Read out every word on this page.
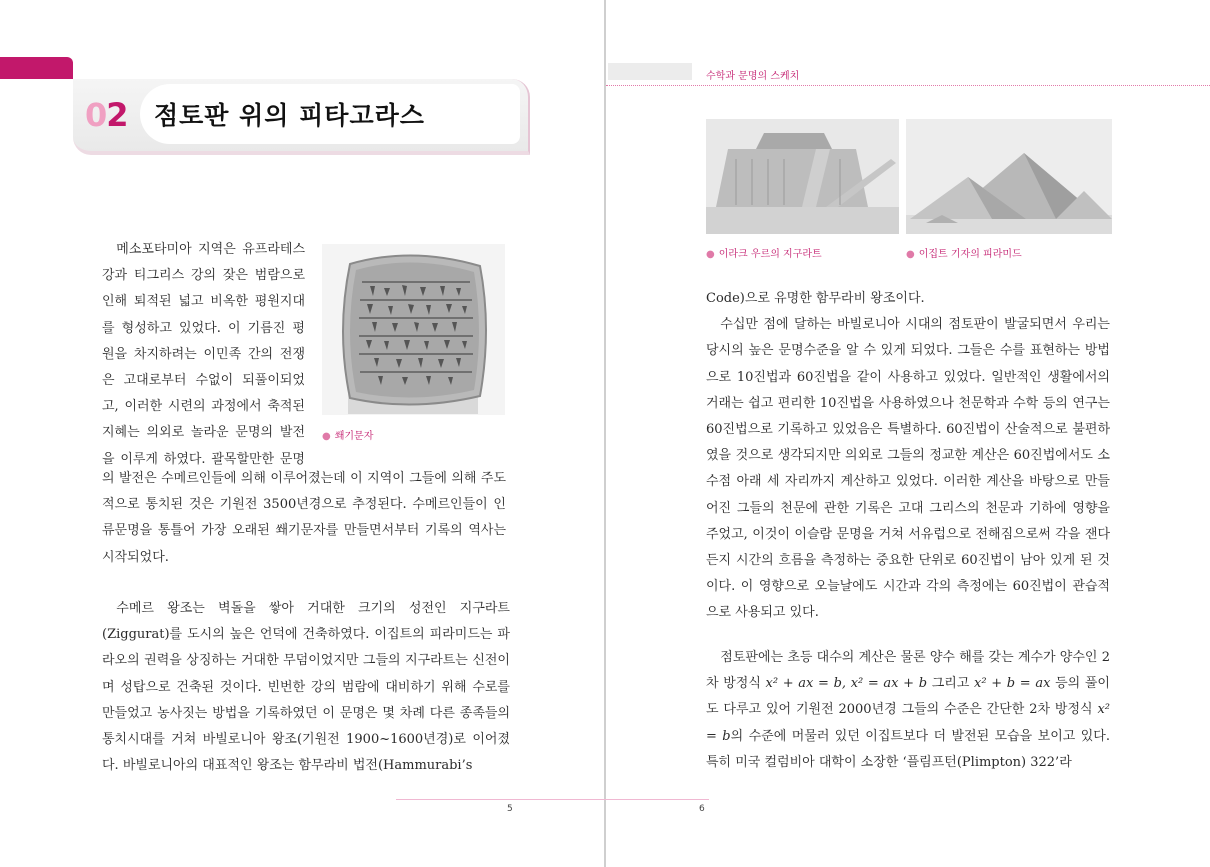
02 점토판 위의 피타고라스
● 쐐기문자

메소포타미아 지역은 유프라테스

강과 티그리스 강의 잦은 범람으로

인해 퇴적된 넓고 비옥한 평원지대

를 형성하고 있었다. 이 기름진 평

원을 차지하려는 이민족 간의 전쟁

은 고대로부터 수없이 되풀이되었

고, 이러한 시련의 과정에서 축적된

지혜는 의외로 놀라운 문명의 발전

을 이루게 하였다. 괄목할만한 문명

의 발전은 수메르인들에 의해 이루어졌는데 이 지역이 그들에 의해 주도적으로 통치된 것은 기원전 3500년경으로 추정된다. 수메르인들이 인류문명을 통틀어 가장 오래된 쐐기문자를 만들면서부터 기록의 역사는 시작되었다.

수메르 왕조는 벽돌을 쌓아 거대한 크기의 성전인 지구라트(Ziggurat)를 도시의 높은 언덕에 건축하였다. 이집트의 피라미드는 파라오의 권력을 상징하는 거대한 무덤이었지만 그들의 지구라트는 신전이며 성탑으로 건축된 것이다. 빈번한 강의 범람에 대비하기 위해 수로를 만들었고 농사짓는 방법을 기록하였던 이 문명은 몇 차례 다른 종족들의 통치시대를 거쳐 바빌로니아 왕조(기원전 1900~1600년경)로 이어졌다. 바빌로니아의 대표적인 왕조는 함무라비 법전(Hammurabi’s

5
수학과 문명의 스케치
● 이라크 우르의 지구라트	● 이집트 기자의 피라미드

Code)으로 유명한 함무라비 왕조이다.

수십만 점에 달하는 바빌로니아 시대의 점토판이 발굴되면서 우리는 당시의 높은 문명수준을 알 수 있게 되었다. 그들은 수를 표현하는 방법으로 10진법과 60진법을 같이 사용하고 있었다. 일반적인 생활에서의 거래는 쉽고 편리한 10진법을 사용하였으나 천문학과 수학 등의 연구는 60진법으로 기록하고 있었음은 특별하다. 60진법이 산술적으로 불편하였을 것으로 생각되지만 의외로 그들의 정교한 계산은 60진법에서도 소수점 아래 세 자리까지 계산하고 있었다. 이러한 계산을 바탕으로 만들어진 그들의 천문에 관한 기록은 고대 그리스의 천문과 기하에 영향을 주었고, 이것이 이슬람 문명을 거쳐 서유럽으로 전해짐으로써 각을 잰다든지 시간의 흐름을 측정하는 중요한 단위로 60진법이 남아 있게 된 것이다. 이 영향으로 오늘날에도 시간과 각의 측정에는 60진법이 관습적으로 사용되고 있다.

점토판에는 초등 대수의 계산은 물론 양수 해를 갖는 계수가 양수인 2차 방정식 x² + ax = b, x² = ax + b 그리고 x² + b = ax 등의 풀이도 다루고 있어 기원전 2000년경 그들의 수준은 간단한 2차 방정식 x² = b의 수준에 머물러 있던 이집트보다 더 발전된 모습을 보이고 있다. 특히 미국 컬럼비아 대학이 소장한 ‘플림프턴(Plimpton) 322’라

6
